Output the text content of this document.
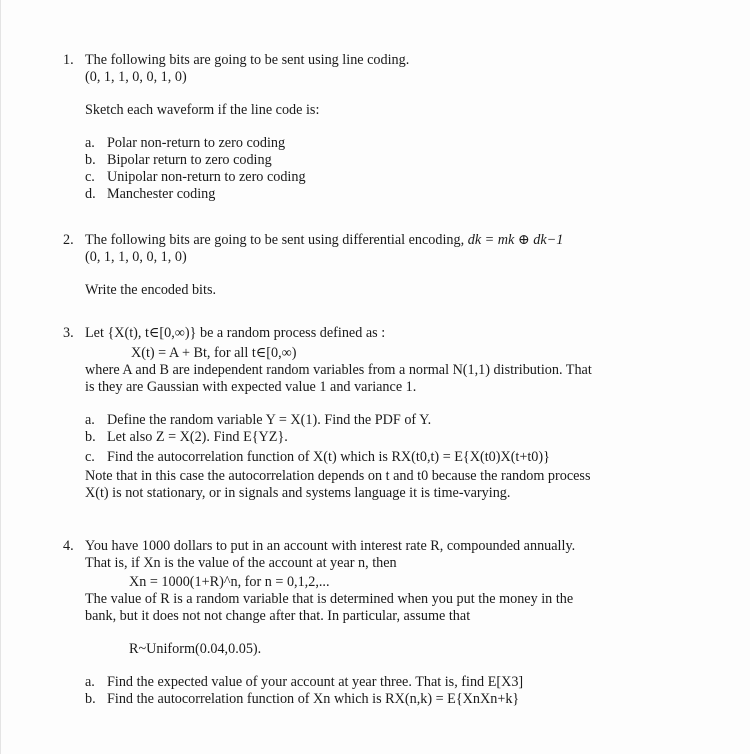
1. The following bits are going to be sent using line coding.
(0, 1, 1, 0, 0, 1, 0)
Sketch each waveform if the line code is:
a. Polar non-return to zero coding
b. Bipolar return to zero coding
c. Unipolar non-return to zero coding
d. Manchester coding
2. The following bits are going to be sent using differential encoding, dk = mk ⊕ dk−1
(0, 1, 1, 0, 0, 1, 0)
Write the encoded bits.
3. Let {X(t), t∈[0,∞)} be a random process defined as :
X(t) = A + Bt, for all t∈[0,∞)
where A and B are independent random variables from a normal N(1,1) distribution. That
is they are Gaussian with expected value 1 and variance 1.
a. Define the random variable Y = X(1). Find the PDF of Y.
b. Let also Z = X(2). Find E{YZ}.
c. Find the autocorrelation function of X(t) which is RX(t0,t) = E{X(t0)X(t+t0)}
Note that in this case the autocorrelation depends on t and t0 because the random process
X(t) is not stationary, or in signals and systems language it is time-varying.
4. You have 1000 dollars to put in an account with interest rate R, compounded annually.
That is, if Xn is the value of the account at year n, then
Xn = 1000(1+R)^n, for n = 0,1,2,...
The value of R is a random variable that is determined when you put the money in the
bank, but it does not not change after that. In particular, assume that
R~Uniform(0.04,0.05).
a. Find the expected value of your account at year three. That is, find E[X3]
b. Find the autocorrelation function of Xn which is RX(n,k) = E{XnXn+k}
